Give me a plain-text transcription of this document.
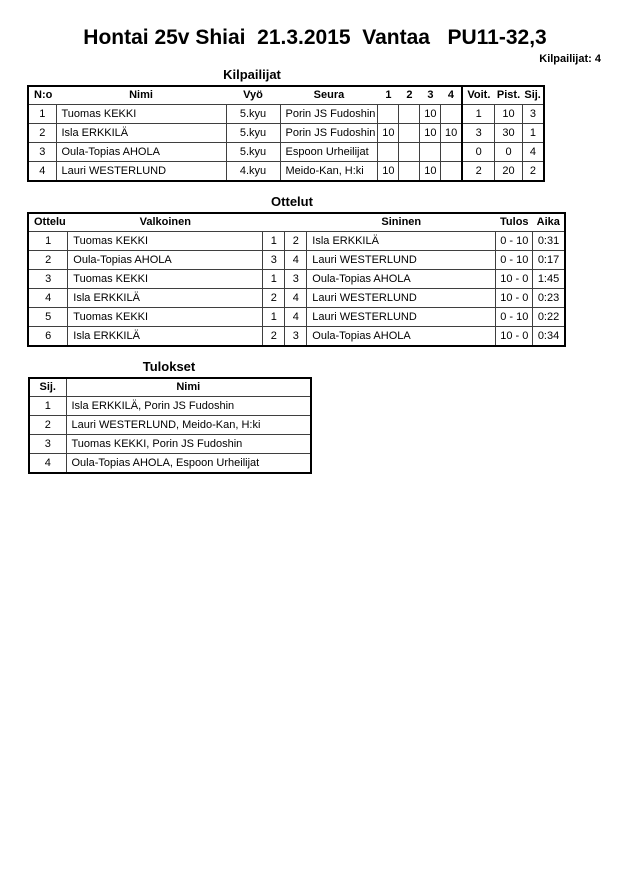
Hontai 25v Shiai  21.3.2015  Vantaa   PU11-32,3
Kilpailijat: 4
Kilpailijat
N:o	Nimi	Vyö	Seura	1	2	3	4	Voit.	Pist.	Sij.
1	Tuomas KEKKI	5.kyu	Porin JS Fudoshin			10		1	10	3
2	Isla ERKKILÄ	5.kyu	Porin JS Fudoshin	10		10	10	3	30	1
3	Oula-Topias AHOLA	5.kyu	Espoon Urheilijat					0	0	4
4	Lauri WESTERLUND	4.kyu	Meido-Kan, H:ki	10		10		2	20	2
Ottelut
Ottelu	Valkoinen			Sininen	Tulos	Aika
1	Tuomas KEKKI	1	2	Isla ERKKILÄ	0 - 10	0:31
2	Oula-Topias AHOLA	3	4	Lauri WESTERLUND	0 - 10	0:17
3	Tuomas KEKKI	1	3	Oula-Topias AHOLA	10 - 0	1:45
4	Isla ERKKILÄ	2	4	Lauri WESTERLUND	10 - 0	0:23
5	Tuomas KEKKI	1	4	Lauri WESTERLUND	0 - 10	0:22
6	Isla ERKKILÄ	2	3	Oula-Topias AHOLA	10 - 0	0:34
Tulokset
Sij.	Nimi
1	Isla ERKKILÄ, Porin JS Fudoshin
2	Lauri WESTERLUND, Meido-Kan, H:ki
3	Tuomas KEKKI, Porin JS Fudoshin
4	Oula-Topias AHOLA, Espoon Urheilijat
